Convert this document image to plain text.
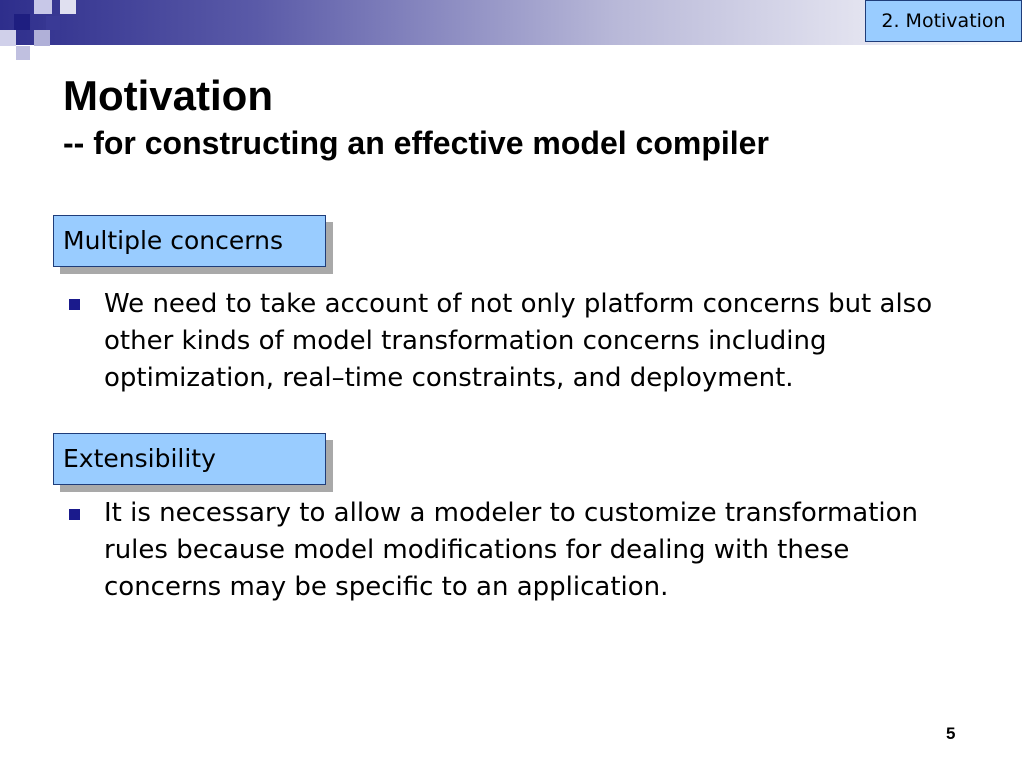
2. Motivation
Motivation
-- for constructing an effective model compiler
Multiple concerns

We need to take account of not only platform concerns but also other kinds of model transformation concerns including optimization, real–time constraints, and deployment.

Extensibility

It is necessary to allow a modeler to customize transformation rules because model modifications for dealing with these concerns may be specific to an application.

5
